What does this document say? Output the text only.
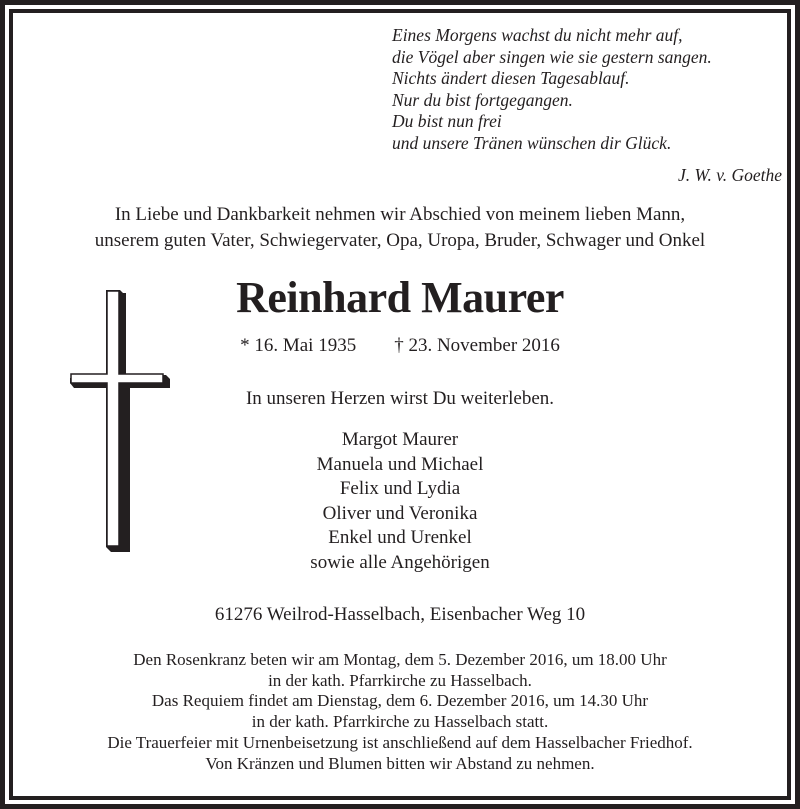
Eines Morgens wachst du nicht mehr auf,
die Vögel aber singen wie sie gestern sangen.
Nichts ändert diesen Tagesablauf.
Nur du bist fortgegangen.
Du bist nun frei
und unsere Tränen wünschen dir Glück.
J. W. v. Goethe
In Liebe und Dankbarkeit nehmen wir Abschied von meinem lieben Mann,
unserem guten Vater, Schwiegervater, Opa, Uropa, Bruder, Schwager und Onkel
Reinhard Maurer
* 16. Mai 1935 † 23. November 2016
In unseren Herzen wirst Du weiterleben.
Margot Maurer
Manuela und Michael
Felix und Lydia
Oliver und Veronika
Enkel und Urenkel
sowie alle Angehörigen
61276 Weilrod-Hasselbach, Eisenbacher Weg 10
Den Rosenkranz beten wir am Montag, dem 5. Dezember 2016, um 18.00 Uhr
in der kath. Pfarrkirche zu Hasselbach.
Das Requiem findet am Dienstag, dem 6. Dezember 2016, um 14.30 Uhr
in der kath. Pfarrkirche zu Hasselbach statt.
Die Trauerfeier mit Urnenbeisetzung ist anschließend auf dem Hasselbacher Friedhof.
Von Kränzen und Blumen bitten wir Abstand zu nehmen.
